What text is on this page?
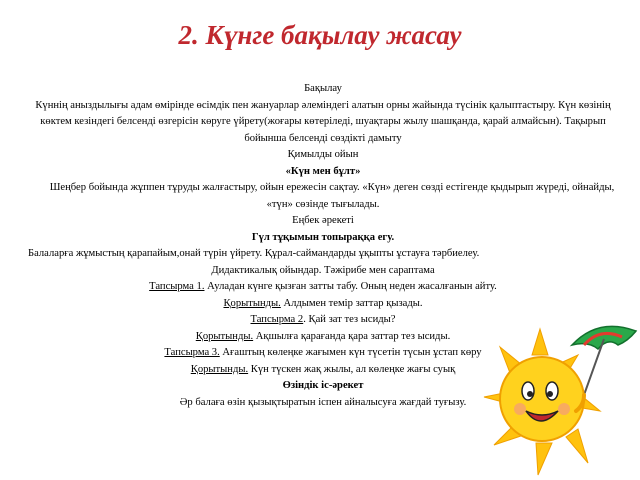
2. Күнге бақылау жасау

Бақылау

Күннің аныздылығы адам өмірінде өсімдік пен жануарлар әлеміндегі алатын орны жайында түсінік қалыптастыру. Күн көзінің көктем кезіндегі белсенді өзгерісін көруге үйрету(жоғары көтеріледі, шуақтары жылу шашқанда, қарай алмайсын). Тақырып бойынша белсенді сөздікті дамыту

Қимылды ойын

«Күн мен бұлт»

Шеңбер бойында жұппен тұруды жалғастыру, ойын ережесін сақтау. «Күн» деген сөзді естігенде қыдырып жүреді, ойнайды, «түн» сөзінде тығылады.

Еңбек әрекеті

Гүл тұқымын топыраққа егу.

Балаларға жұмыстың қарапайым,онай түрін үйрету. Құрал-саймандарды ұқыпты ұстауға тәрбиелеу.

Дидактикалық ойындар. Тәжірибе мен сараптама

Тапсырма 1. Ауладан күнге қызған затты табу. Оның неден жасалғанын айту.

Қорытынды. Алдымен темір заттар қызады.

Тапсырма 2. Қай зат тез ысиды?

Қорытынды. Ақшылға қарағанда қара заттар тез ысиды.

Тапсырма 3. Ағаштың көлеңке жағымен күн түсетін түсын ұстап көру

Қорытынды. Күн түскен жақ жылы, ал көлеңке жағы суық

Өзіндік іс-әрекет

Әр балаға өзін қызықтыратын іспен айналысуға жағдай туғызу.
